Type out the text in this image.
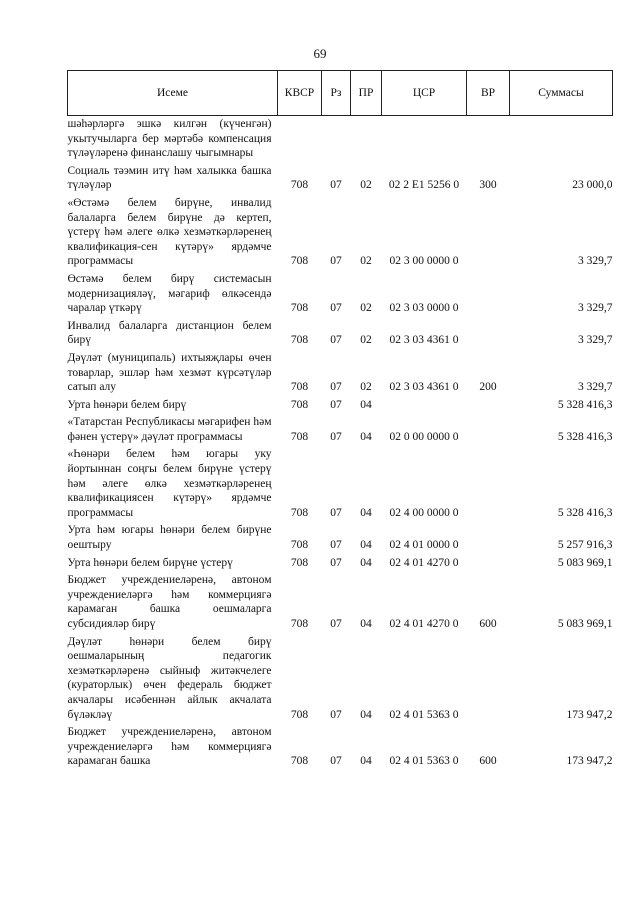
69
Исеме	КВСР	Рз	ПР	ЦСР	ВР	Суммасы
шәһәрләргә эшкә килгән (күченгән) укытучыларга бер мәртәбә компенсация түләүләренә финанслашу чыгымнары						
Социаль тәэмин итү һәм халыкка башка түләүләр	708	07	02	02 2 Е1 5256 0	300	23 000,0
«Өстәмә белем бирүне, инвалид балаларга белем бирүне дә кертеп, үстерү һәм әлеге өлкә хезмәткәрләренең квалификация-сен күтәрү» ярдәмче программасы	708	07	02	02 3 00 0000 0		3 329,7
Өстәмә белем бирү системасын модернизацияләү, мәгариф өлкәсендә чаралар үткәрү	708	07	02	02 3 03 0000 0		3 329,7
Инвалид балаларга дистанцион белем бирү	708	07	02	02 3 03 4361 0		3 329,7
Дәүләт (муниципаль) ихтыяҗлары өчен товарлар, эшләр һәм хезмәт күрсәтүләр сатып алу	708	07	02	02 3 03 4361 0	200	3 329,7
Урта һөнәри белем бирү	708	07	04			5 328 416,3
«Татарстан Республикасы мәгарифен һәм фәнен үстерү» дәүләт программасы	708	07	04	02 0 00 0000 0		5 328 416,3
«Һөнәри белем һәм югары уку йортыннан соңгы белем бирүне үстерү һәм әлеге өлкә хезмәткәрләренең квалификациясен күтәрү» ярдәмче программасы	708	07	04	02 4 00 0000 0		5 328 416,3
Урта һәм югары һөнәри белем бирүне оештыру	708	07	04	02 4 01 0000 0		5 257 916,3
Урта һөнәри белем бирүне үстерү	708	07	04	02 4 01 4270 0		5 083 969,1
Бюджет учреждениеләренә, автоном учреждениеләргә һәм коммерциягә карамаган башка оешмаларга субсидияләр бирү	708	07	04	02 4 01 4270 0	600	5 083 969,1
Дәүләт һөнәри белем бирү оешмаларының педагогик хезмәткәрләренә сыйныф житәкчелеге (кураторлык) өчен федераль бюджет акчалары исәбеннән айлык акчалата бүләкләү	708	07	04	02 4 01 5363 0		173 947,2
Бюджет учреждениеләренә, автоном учреждениеләргә һәм коммерциягә карамаган башка	708	07	04	02 4 01 5363 0	600	173 947,2
